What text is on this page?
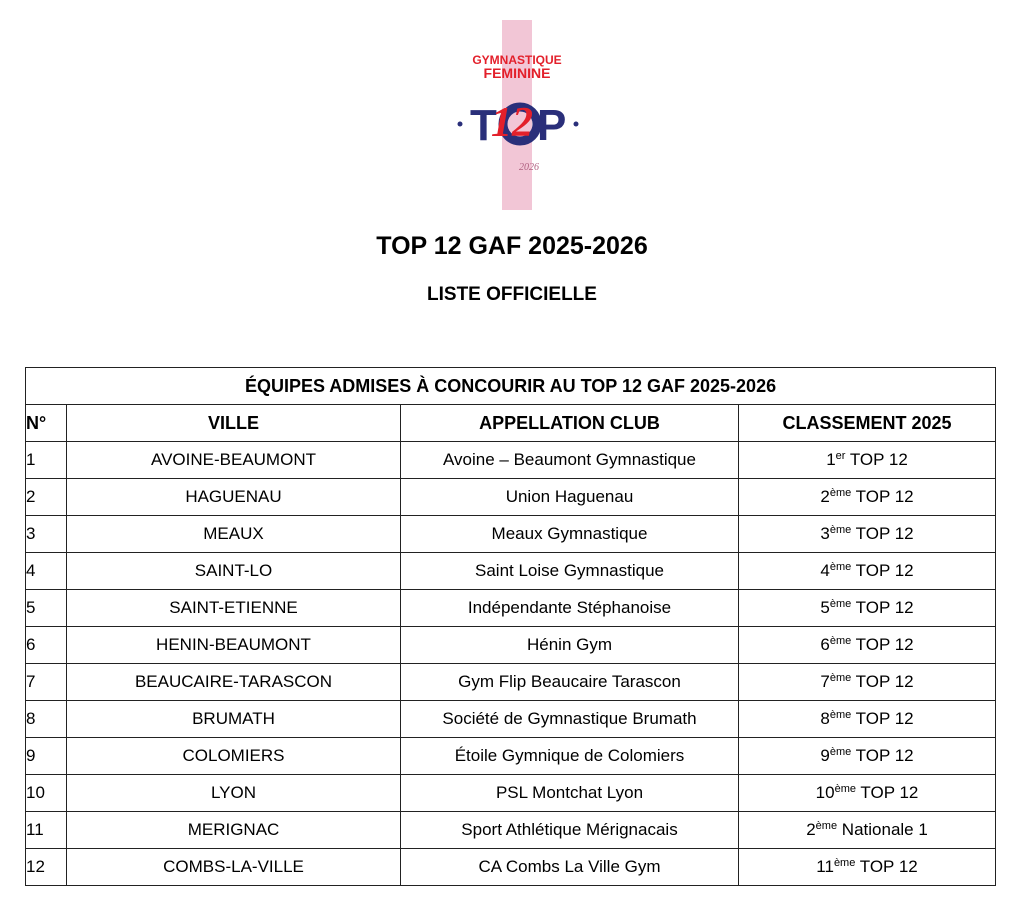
GYMNASTIQUE
FEMININE
T P
12
2026
TOP 12 GAF 2025-2026
LISTE OFFICIELLE
ÉQUIPES ADMISES À CONCOURIR AU TOP 12 GAF 2025-2026			
N°	VILLE	APPELLATION CLUB	CLASSEMENT 2025
1	AVOINE-BEAUMONT	Avoine – Beaumont Gymnastique	1er TOP 12
2	HAGUENAU	Union Haguenau	2ème TOP 12
3	MEAUX	Meaux Gymnastique	3ème TOP 12
4	SAINT-LO	Saint Loise Gymnastique	4ème TOP 12
5	SAINT-ETIENNE	Indépendante Stéphanoise	5ème TOP 12
6	HENIN-BEAUMONT	Hénin Gym	6ème TOP 12
7	BEAUCAIRE-TARASCON	Gym Flip Beaucaire Tarascon	7ème TOP 12
8	BRUMATH	Société de Gymnastique Brumath	8ème TOP 12
9	COLOMIERS	Étoile Gymnique de Colomiers	9ème TOP 12
10	LYON	PSL Montchat Lyon	10ème TOP 12
11	MERIGNAC	Sport Athlétique Mérignacais	2ème Nationale 1
12	COMBS-LA-VILLE	CA Combs La Ville Gym	11ème TOP 12
